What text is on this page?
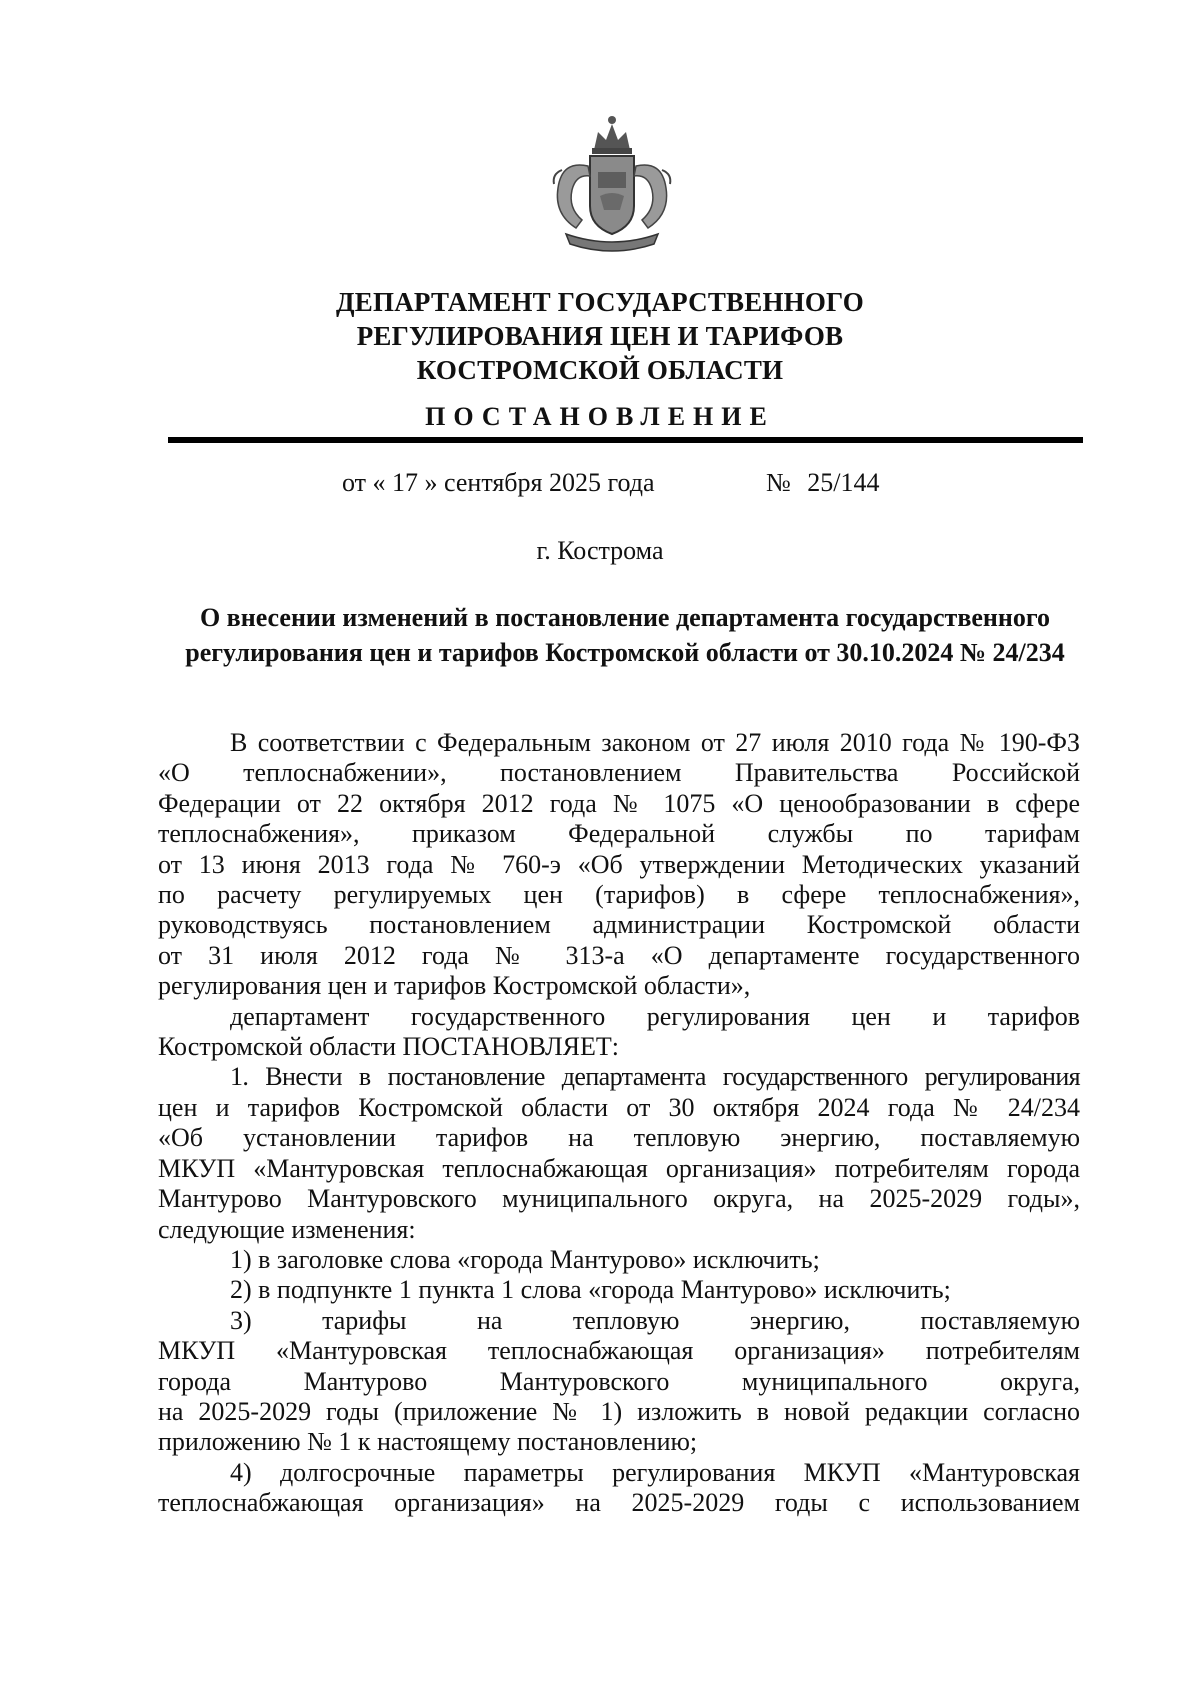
ДЕПАРТАМЕНТ ГОСУДАРСТВЕННОГО
РЕГУЛИРОВАНИЯ ЦЕН И ТАРИФОВ
КОСТРОМСКОЙ ОБЛАСТИ
ПОСТАНОВЛЕНИЕ
от « 17 » сентября 2025 года	№ 25/144
г. Кострома
О внесении изменений в постановление департамента государственного
регулирования цен и тарифов Костромской области от 30.10.2024 № 24/234
В соответствии с Федеральным законом от 27 июля 2010 года № 190-ФЗ
«О теплоснабжении», постановлением Правительства Российской
Федерации от 22 октября 2012 года № 1075 «О ценообразовании в сфере
теплоснабжения», приказом Федеральной службы по тарифам
от 13 июня 2013 года № 760-э «Об утверждении Методических указаний
по расчету регулируемых цен (тарифов) в сфере теплоснабжения»,
руководствуясь постановлением администрации Костромской области
от 31 июля 2012 года № 313-а «О департаменте государственного
регулирования цен и тарифов Костромской области»,
департамент государственного регулирования цен и тарифов
Костромской области ПОСТАНОВЛЯЕТ:
1. Внести в постановление департамента государственного регулирования
цен и тарифов Костромской области от 30 октября 2024 года № 24/234
«Об установлении тарифов на тепловую энергию, поставляемую
МКУП «Мантуровская теплоснабжающая организация» потребителям города
Мантурово Мантуровского муниципального округа, на 2025-2029 годы»,
следующие изменения:
1) в заголовке слова «города Мантурово» исключить;
2) в подпункте 1 пункта 1 слова «города Мантурово» исключить;
3) тарифы на тепловую энергию, поставляемую
МКУП «Мантуровская теплоснабжающая организация» потребителям
города Мантурово Мантуровского муниципального округа,
на 2025-2029 годы (приложение № 1) изложить в новой редакции согласно
приложению № 1 к настоящему постановлению;
4) долгосрочные параметры регулирования МКУП «Мантуровская
теплоснабжающая организация» на 2025-2029 годы с использованием
